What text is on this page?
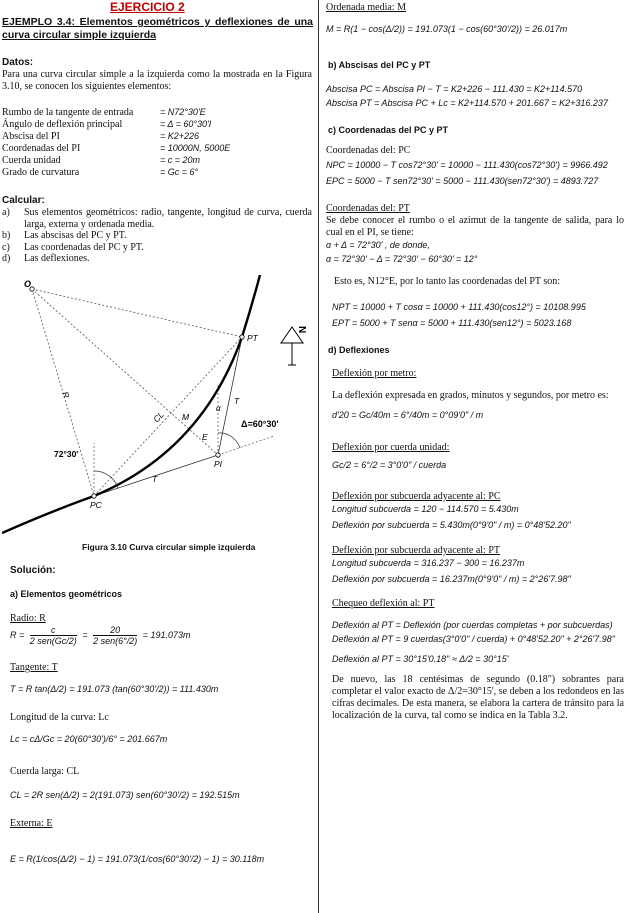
EJERCICIO 2
EJEMPLO 3.4: Elementos geométricos y deflexiones de una curva circular simple izquierda
Datos:
Para una curva circular simple a la izquierda como la mostrada en la Figura 3.10, se conocen los siguientes elementos:
Rumbo de la tangente de entrada	= N72°30'E
Ángulo de deflexión principal	= Δ = 60°30'I
Abscisa del PI	= K2+226
Coordenadas del PI	= 10000N, 5000E
Cuerda unidad	= c = 20m
Grado de curvatura	= Gc = 6°
Calcular:
a) Sus elementos geométricos: radio, tangente, longitud de curva, cuerda larga, externa y ordenada media.
b) Las abscisas del PC y PT.
c) Las coordenadas del PC y PT.
d) Las deflexiones.
O
PT
PC
PI
R
CL M
E
T
T
α
Δ=60°30'
72°30'
N
Figura 3.10 Curva circular simple izquierda
Solución:
a) Elementos geométricos
Radio: R
R =	c
2 sen(Gc/2)
=	20
2 sen(6°/2)
= 191.073m
Tangente: T
T = R tan(Δ/2) = 191.073 (tan(60°30'/2)) = 111.430m
Longitud de la curva: Lc
Lc = cΔ/Gc = 20(60°30')/6° = 201.667m
Cuerda larga: CL
CL = 2R sen(Δ/2) = 2(191.073) sen(60°30'/2) = 192.515m
Externa: E
E = R(1/cos(Δ/2) − 1) = 191.073(1/cos(60°30'/2) − 1) = 30.118m
Ordenada media: M
M = R(1 − cos(Δ/2)) = 191.073(1 − cos(60°30'/2)) = 26.017m
b) Abscisas del PC y PT
Abscisa PC = Abscisa PI − T = K2+226 − 111.430 = K2+114.570
Abscisa PT = Abscisa PC + Lc = K2+114.570 + 201.667 = K2+316.237
c) Coordenadas del PC y PT
Coordenadas del: PC
NPC = 10000 − T cos72°30' = 10000 − 111.430(cos72°30') = 9966.492
EPC = 5000 − T sen72°30' = 5000 − 111.430(sen72°30') = 4893.727
Coordenadas del: PT
Se debe conocer el rumbo o el azimut de la tangente de salida, para lo cual en el PI, se tiene:
α + Δ = 72°30' , de donde,
α = 72°30' − Δ = 72°30' − 60°30' = 12°
Esto es, N12°E, por lo tanto las coordenadas del PT son:
NPT = 10000 + T cosα = 10000 + 111.430(cos12°) = 10108.995
EPT = 5000 + T senα = 5000 + 111.430(sen12°) = 5023.168
d) Deflexiones
Deflexión por metro:
La deflexión expresada en grados, minutos y segundos, por metro es:
d'20 = Gc/40m = 6°/40m = 0°09'0" / m
Deflexión por cuerda unidad:
Gc/2 = 6°/2 = 3°0'0" / cuerda
Deflexión por subcuerda adyacente al: PC
Longitud subcuerda = 120 − 114.570 = 5.430m
Deflexión por subcuerda = 5.430m(0°9'0" / m) = 0°48'52.20"
Deflexión por subcuerda adyacente al: PT
Longitud subcuerda = 316.237 − 300 = 16.237m
Deflexión por subcuerda = 16.237m(0°9'0" / m) = 2°26'7.98"
Chequeo deflexión al: PT
Deflexión al PT = Deflexión (por cuerdas completas + por subcuerdas)
Deflexión al PT = 9 cuerdas(3°0'0" / cuerda) + 0°48'52.20" + 2°26'7.98"
Deflexión al PT = 30°15'0.18" ≈ Δ/2 = 30°15'
De nuevo, las 18 centésimas de segundo (0.18") sobrantes para completar el valor exacto de Δ/2=30°15', se deben a los redondeos en las cifras decimales. De esta manera, se elabora la cartera de tránsito para la localización de la curva, tal como se indica en la Tabla 3.2.
